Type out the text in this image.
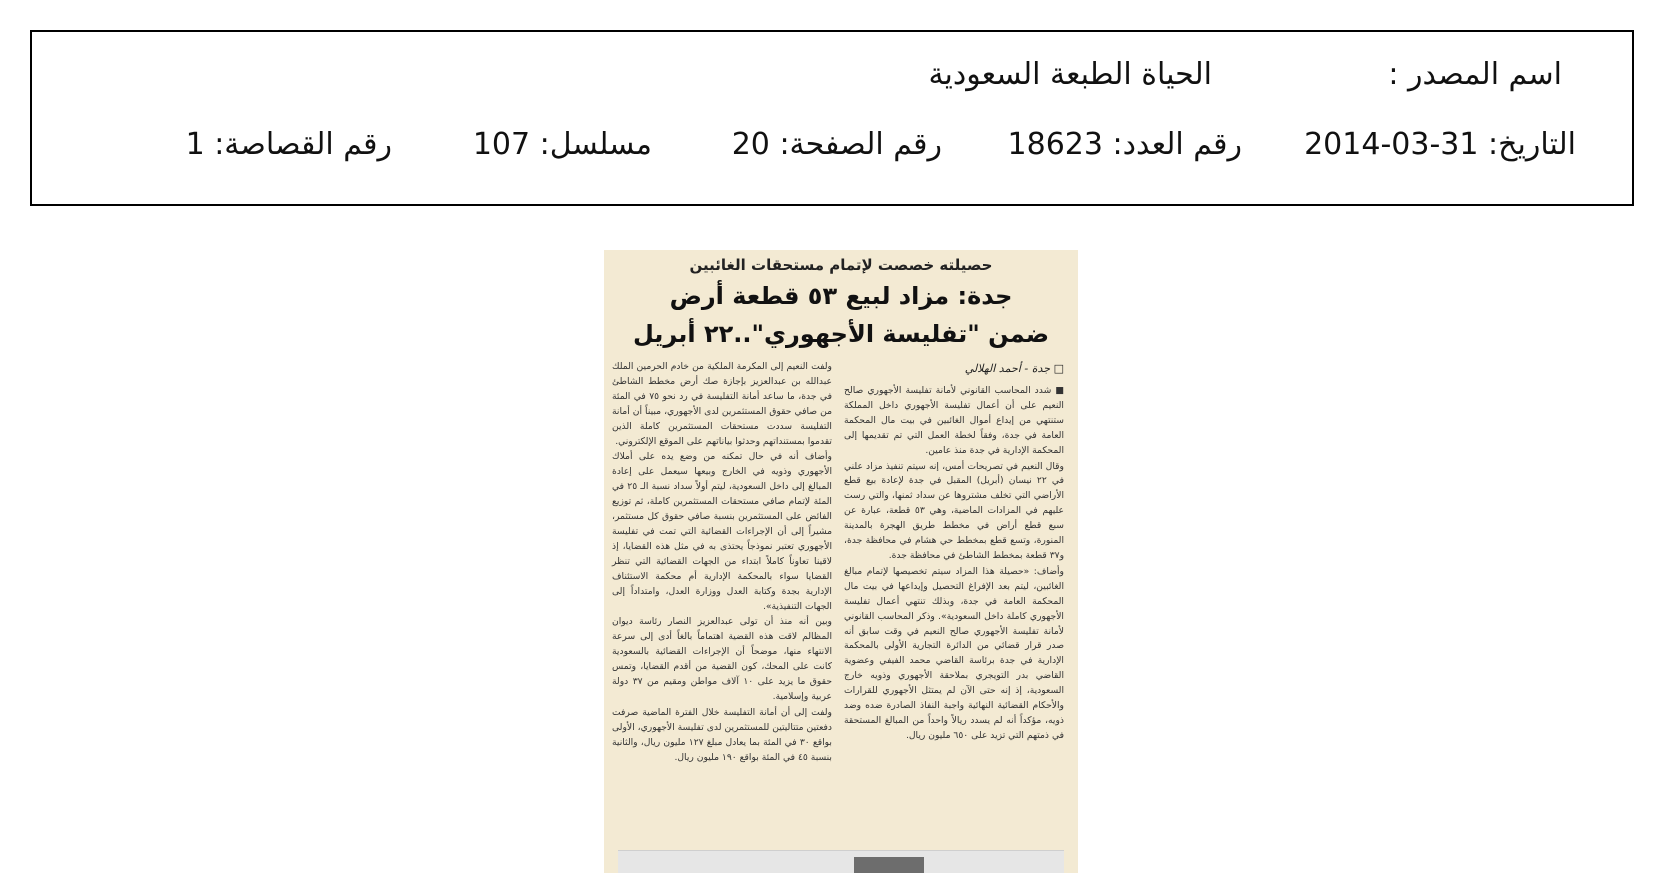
اسم المصدر :
الحياة الطبعة السعودية
التاريخ: 31-03-2014
رقم العدد: 18623
رقم الصفحة: 20
مسلسل: 107
رقم القصاصة: 1
حصيلته خصصت لإتمام مستحقات الغائبين
جدة: مزاد لبيع ٥٣ قطعة أرض
ضمن "تفليسة الأجهوري"..٢٢ أبريل
□ جدة - أحمد الهلالي

■ شدد المحاسب القانوني لأمانة تفليسة الأجهوري صالح النعيم على أن أعمال تفليسة الأجهوري داخل المملكة ستنتهي من إيداع أموال الغائبين في بيت مال المحكمة العامة في جدة، وفقاً لخطة العمل التي تم تقديمها إلى المحكمة الإدارية في جدة منذ عامين.

وقال النعيم في تصريحات أمس، إنه سيتم تنفيذ مزاد علني في ٢٢ نيسان (أبريل) المقبل في جدة لإعادة بيع قطع الأراضي التي تخلف مشتروها عن سداد ثمنها، والتي رست عليهم في المزادات الماضية، وهي ٥٣ قطعة، عبارة عن سبع قطع أراض في مخطط طريق الهجرة بالمدينة المنورة، وتسع قطع بمخطط حي هشام في محافظة جدة، و٣٧ قطعة بمخطط الشاطئ في محافظة جدة.

وأضاف: «حصيلة هذا المزاد سيتم تخصيصها لإتمام مبالغ الغائبين، ليتم بعد الإفراغ التحصيل وإيداعها في بيت مال المحكمة العامة في جدة، وبذلك تنتهي أعمال تفليسة الأجهوري كاملة داخل السعودية». وذكر المحاسب القانوني لأمانة تفليسة الأجهوري صالح النعيم في وقت سابق أنه صدر قرار قضائي من الدائرة التجارية الأولى بالمحكمة الإدارية في جدة برئاسة القاضي محمد الفيفي وعضوية القاضي بدر التويجري بملاحقة الأجهوري وذويه خارج السعودية، إذ إنه حتى الآن لم يمتثل الأجهوري للقرارات والأحكام القضائية النهائية واجبة النفاذ الصادرة ضده وضد ذويه، مؤكداً أنه لم يسدد ريالاً واحداً من المبالغ المستحقة في ذمتهم التي تزيد على ٦٥٠ مليون ريال.

ولفت النعيم إلى المكرمة الملكية من خادم الحرمين الملك عبدالله بن عبدالعزيز بإجازة صك أرض مخطط الشاطئ في جدة، ما ساعد أمانة التفليسة في رد نحو ٧٥ في المئة من صافي حقوق المستثمرين لدى الأجهوري، مبيناً أن أمانة التفليسة سددت مستحقات المستثمرين كاملة الذين تقدموا بمستنداتهم وحدثوا بياناتهم على الموقع الإلكتروني.

وأضاف أنه في حال تمكنه من وضع يده على أملاك الأجهوري وذويه في الخارج وبيعها سيعمل على إعادة المبالغ إلى داخل السعودية، ليتم أولاً سداد نسبة الـ ٢٥ في المئة لإتمام صافي مستحقات المستثمرين كاملة، ثم توزيع الفائض على المستثمرين بنسبة صافي حقوق كل مستثمر، مشيراً إلى أن الإجراءات القضائية التي تمت في تفليسة الأجهوري تعتبر نموذجاً يحتذى به في مثل هذه القضايا، إذ لاقينا تعاوناً كاملاً ابتداء من الجهات القضائية التي تنظر القضايا سواء بالمحكمة الإدارية أم محكمة الاستئناف الإدارية بجدة وكتابة العدل ووزارة العدل، وامتداداً إلى الجهات التنفيذية».

وبين أنه منذ أن تولى عبدالعزيز النصار رئاسة ديوان المظالم لاقت هذه القضية اهتماماً بالغاً أدى إلى سرعة الانتهاء منها، موضحاً أن الإجراءات القضائية بالسعودية كانت على المحك، كون القضية من أقدم القضايا، وتمس حقوق ما يزيد على ١٠ آلاف مواطن ومقيم من ٣٧ دولة عربية وإسلامية.

ولفت إلى أن أمانة التفليسة خلال الفترة الماضية صرفت دفعتين متتاليتين للمستثمرين لدى تفليسة الأجهوري، الأولى بواقع ٣٠ في المئة بما يعادل مبلغ ١٢٧ مليون ريال، والثانية بنسبة ٤٥ في المئة بواقع ١٩٠ مليون ريال.
